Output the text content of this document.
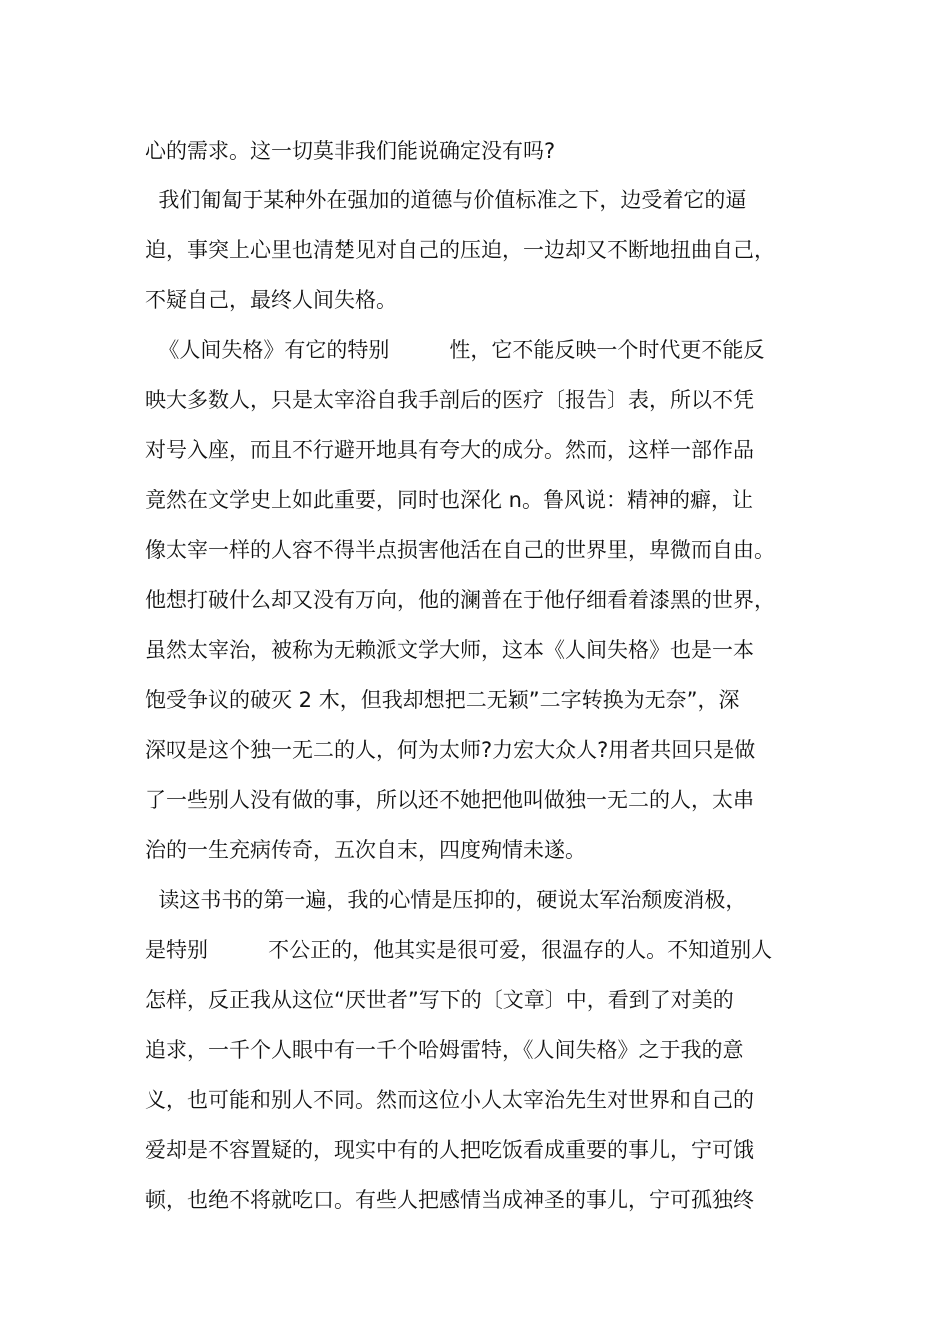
心的需求。这一切莫非我们能说确定没有吗?

我们匍匐于某种外在强加的道德与价值标准之下，边受着它的逼

迫，事突上心里也清楚见对自己的压迫，一边却又不断地扭曲自己，

不疑自己，最终人间失格。

《人间失格》有它的特别         性，它不能反映一个时代更不能反

映大多数人，只是太宰浴自我手剖后的医疗〔报告〕表，所以不凭

对号入座，而且不行避开地具有夸大的成分。然而，这样一部作品

竟然在文学史上如此重要，同时也深化 n。鲁风说：精神的癖，让

像太宰一样的人容不得半点损害他活在自己的世界里，卑微而自由。

他想打破什么却又没有万向，他的澜普在于他仔细看着漆黑的世界，

虽然太宰治，被称为无赖派文学大师，这本《人间失格》也是一本

饱受争议的破灭 2 木，但我却想把二无颖”二字转换为无奈”，深

深叹是这个独一无二的人，何为太师?力宏大众人?用者共回只是做

了一些别人没有做的事，所以还不她把他叫做独一无二的人，太串

治的一生充病传奇，五次自末，四度殉情未遂。

读这书书的第一遍，我的心情是压抑的，硬说太军治颓废消极，

是特别         不公正的，他其实是很可爱，很温存的人。不知道别人

怎样，反正我从这位“厌世者”写下的〔文章〕中，看到了对美的

追求，一千个人眼中有一千个哈姆雷特，《人间失格》之于我的意

义，也可能和别人不同。然而这位小人太宰治先生对世界和自己的

爱却是不容置疑的，现实中有的人把吃饭看成重要的事儿，宁可饿

顿，也绝不将就吃口。有些人把感情当成神圣的事儿，宁可孤独终
